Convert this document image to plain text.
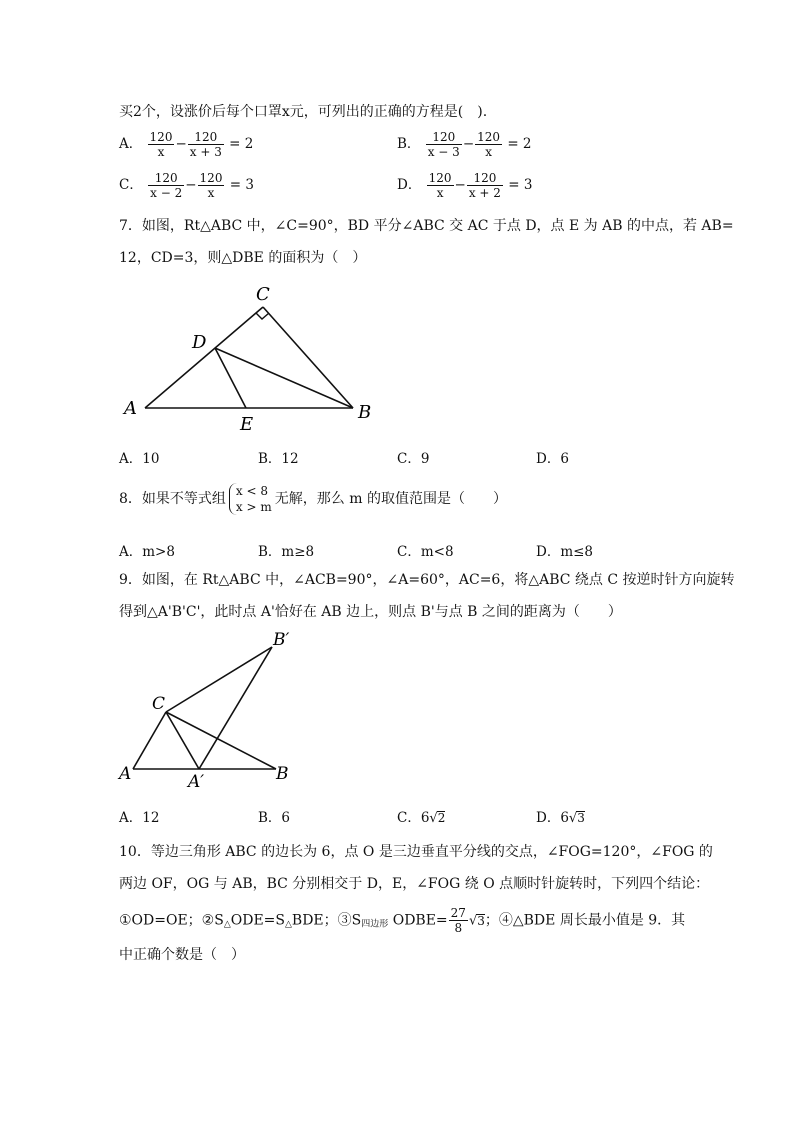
买2个，设涨价后每个口罩x元，可列出的正确的方程是(　).
A． $\frac{120}{x} - \frac{120}{x + 3} = 2$	B． $\frac{120}{x - 3} - \frac{120}{x} = 2$
C． $\frac{120}{x - 2} - \frac{120}{x} = 3$	D． $\frac{120}{x} - \frac{120}{x + 2} = 3$
7．如图，Rt△ABC 中，∠C=90°，BD 平分∠ABC 交 AC 于点 D，点 E 为 AB 的中点，若 AB=
12，CD=3，则△DBE 的面积为（　）
C
D
A
E
B
A．10	B．12	C．9	D．6
8．如果不等式组 x < 8
x > m 无解，那么 m 的取值范围是（　　）
A．m>8	B．m≥8	C．m<8	D．m≤8
9．如图，在 Rt△ABC 中，∠ACB=90°，∠A=60°，AC=6，将△ABC 绕点 C 按逆时针方向旋转
得到△A'B'C'，此时点 A'恰好在 AB 边上，则点 B'与点 B 之间的距离为（　　）
B′
C
A	A′	B
A．12	B．6	C．6√2	D．6√3
10．等边三角形 ABC 的边长为 6，点 O 是三边垂直平分线的交点，∠FOG=120°，∠FOG 的
两边 OF，OG 与 AB，BC 分别相交于 D，E，∠FOG 绕 O 点顺时针旋转时，下列四个结论：
①OD=OE；$②S_\triangle ODE=S_\triangle BDE$；$③S_{四边形}$ ODBE= $\frac{27}{8} √3$；④△BDE 周长最小值是 9．其
中正确个数是（　）
